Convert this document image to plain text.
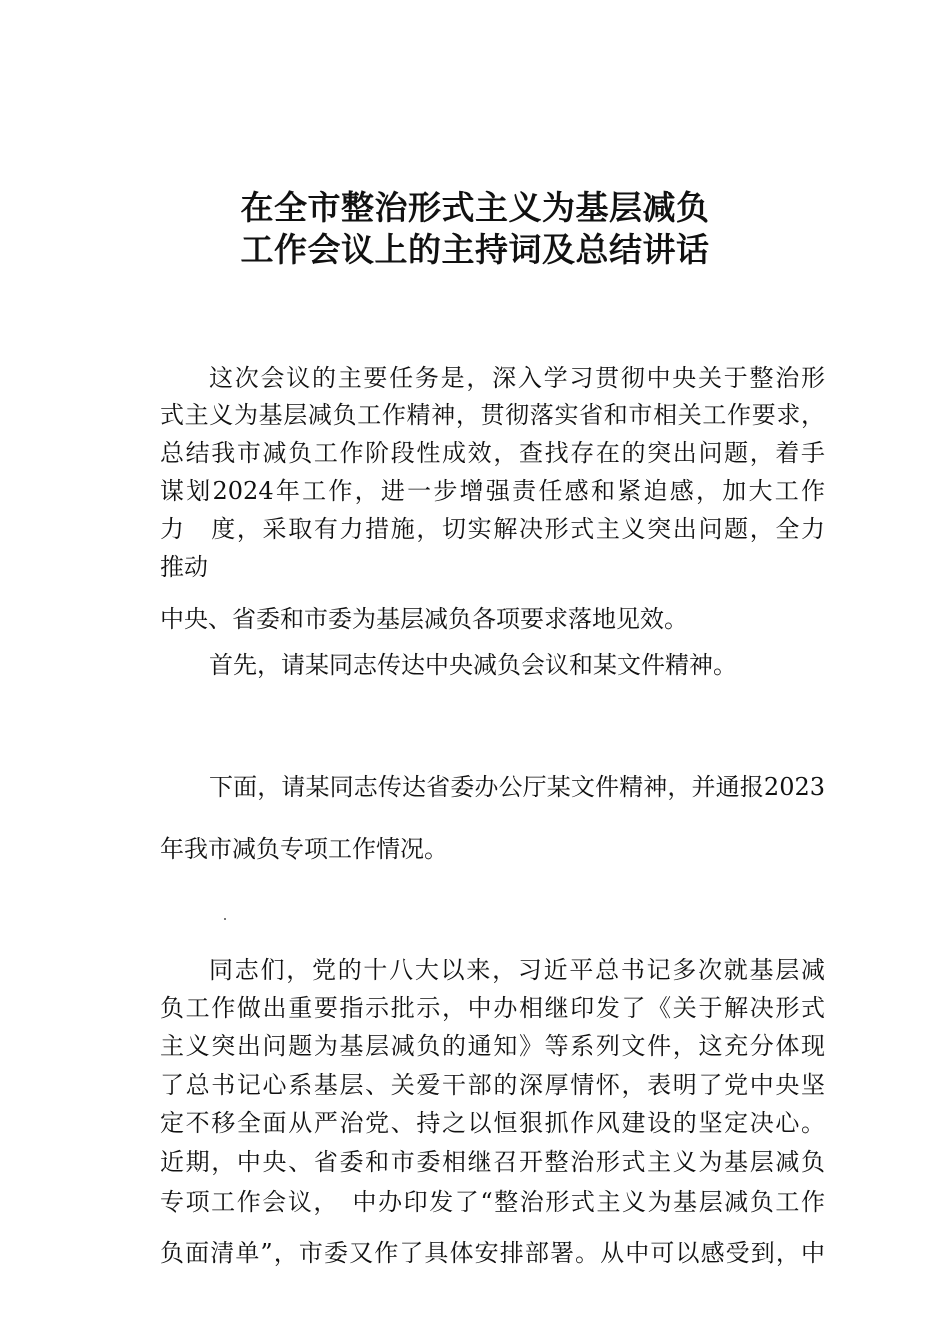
在全市整治形式主义为基层减负
工作会议上的主持词及总结讲话

这次会议的主要任务是，深入学习贯彻中央关于整治形

式主义为基层减负工作精神，贯彻落实省和市相关工作要求，

总结我市减负工作阶段性成效，查找存在的突出问题，着手

谋划2024年工作，进一步增强责任感和紧迫感，加大工作

力　度，采取有力措施，切实解决形式主义突出问题，全力

推动

中央、省委和市委为基层减负各项要求落地见效。

首先，请某同志传达中央减负会议和某文件精神。

下面，请某同志传达省委办公厅某文件精神，并通报2023

年我市减负专项工作情况。

同志们，党的十八大以来，习近平总书记多次就基层减

负工作做出重要指示批示，中办相继印发了《关于解决形式

主义突出问题为基层减负的通知》等系列文件，这充分体现

了总书记心系基层、关爱干部的深厚情怀，表明了党中央坚

定不移全面从严治党、持之以恒狠抓作风建设的坚定决心。

近期，中央、省委和市委相继召开整治形式主义为基层减负

专项工作会议，　中办印发了“整治形式主义为基层减负工作

负面清单”，市委又作了具体安排部署。从中可以感受到，中
